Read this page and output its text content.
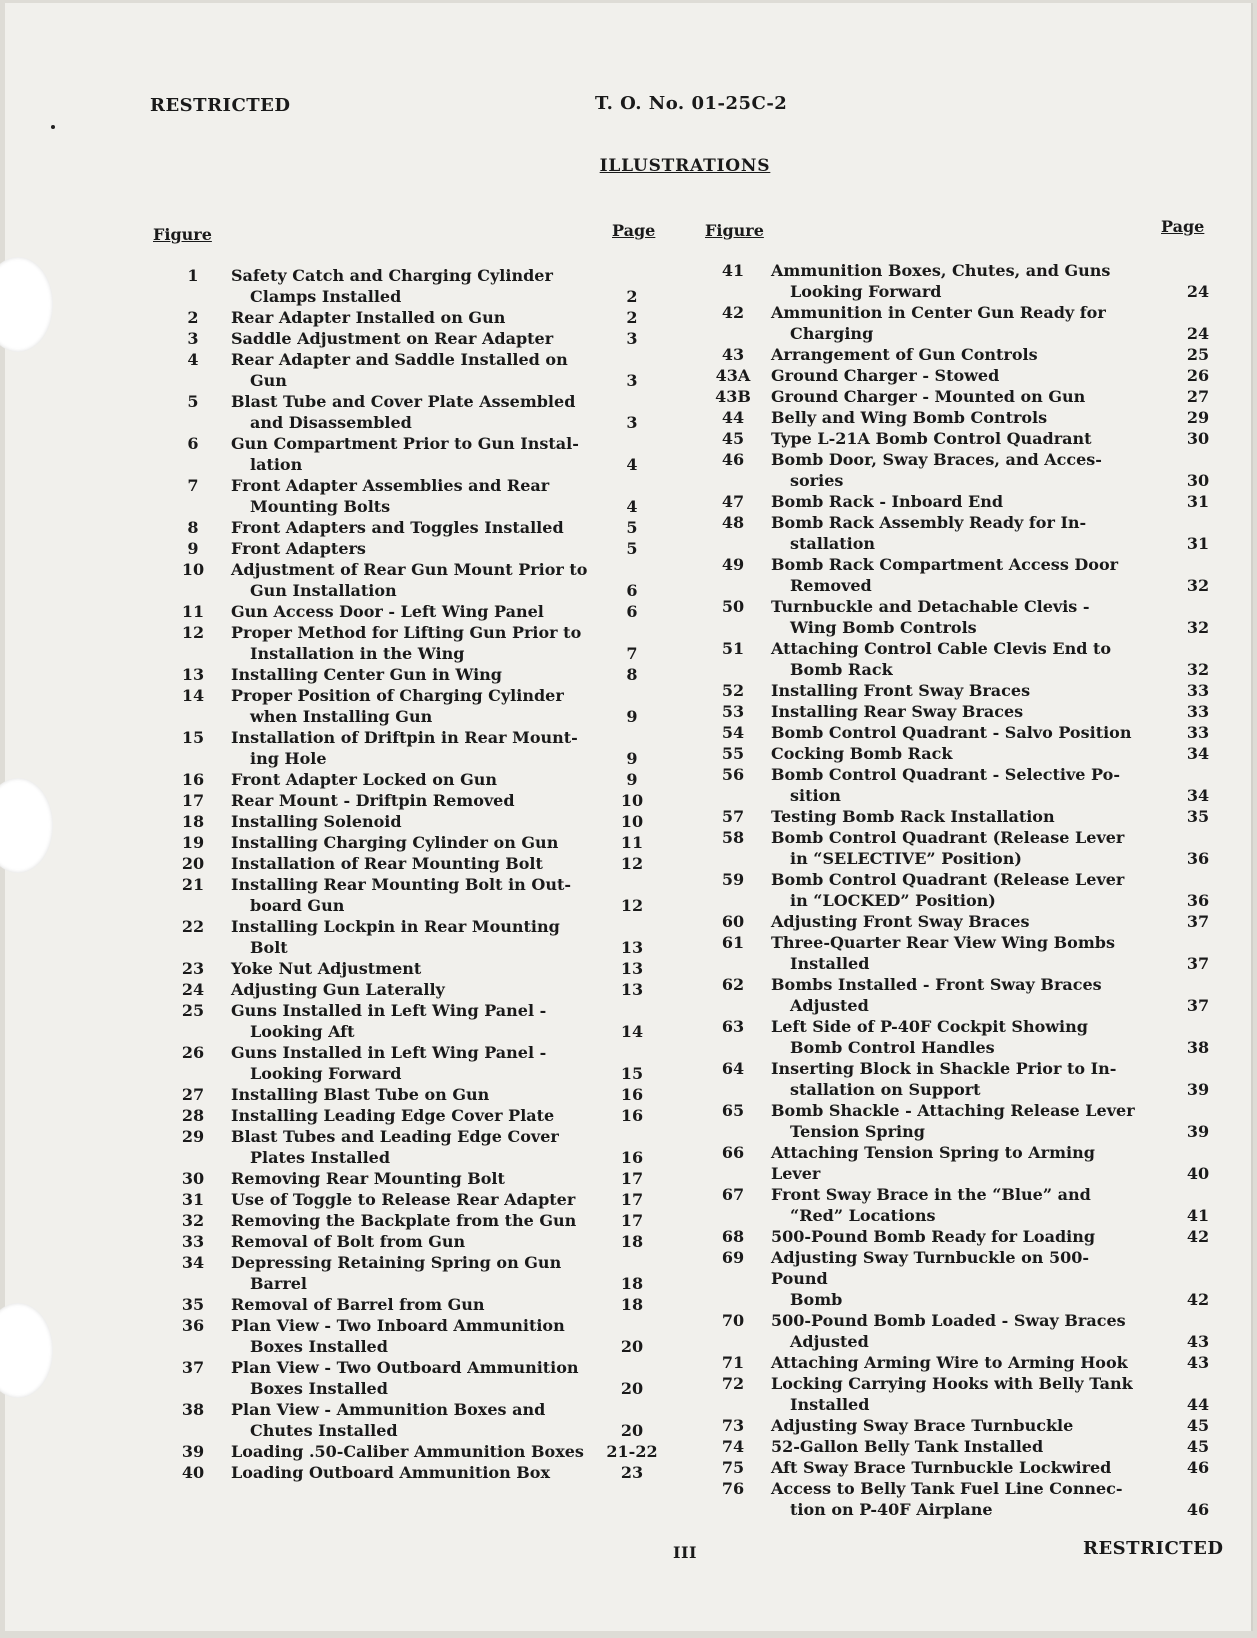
RESTRICTED	T. O. No. 01-25C-2
ILLUSTRATIONS
Figure	Page	Figure	Page
1	Safety Catch and Charging Cylinder
Clamps Installed	2
2	Rear Adapter Installed on Gun	2
3	Saddle Adjustment on Rear Adapter	3
4	Rear Adapter and Saddle Installed on
Gun	3
5	Blast Tube and Cover Plate Assembled
and Disassembled	3
6	Gun Compartment Prior to Gun Instal-
lation	4
7	Front Adapter Assemblies and Rear
Mounting Bolts	4
8	Front Adapters and Toggles Installed	5
9	Front Adapters	5
10	Adjustment of Rear Gun Mount Prior to
Gun Installation	6
11	Gun Access Door - Left Wing Panel	6
12	Proper Method for Lifting Gun Prior to
Installation in the Wing	7
13	Installing Center Gun in Wing	8
14	Proper Position of Charging Cylinder
when Installing Gun	9
15	Installation of Driftpin in Rear Mount-
ing Hole	9
16	Front Adapter Locked on Gun	9
17	Rear Mount - Driftpin Removed	10
18	Installing Solenoid	10
19	Installing Charging Cylinder on Gun	11
20	Installation of Rear Mounting Bolt	12
21	Installing Rear Mounting Bolt in Out-
board Gun	12
22	Installing Lockpin in Rear Mounting
Bolt	13
23	Yoke Nut Adjustment	13
24	Adjusting Gun Laterally	13
25	Guns Installed in Left Wing Panel -
Looking Aft	14
26	Guns Installed in Left Wing Panel -
Looking Forward	15
27	Installing Blast Tube on Gun	16
28	Installing Leading Edge Cover Plate	16
29	Blast Tubes and Leading Edge Cover
Plates Installed	16
30	Removing Rear Mounting Bolt	17
31	Use of Toggle to Release Rear Adapter	17
32	Removing the Backplate from the Gun	17
33	Removal of Bolt from Gun	18
34	Depressing Retaining Spring on Gun
Barrel	18
35	Removal of Barrel from Gun	18
36	Plan View - Two Inboard Ammunition
Boxes Installed	20
37	Plan View - Two Outboard Ammunition
Boxes Installed	20
38	Plan View - Ammunition Boxes and
Chutes Installed	20
39	Loading .50-Caliber Ammunition Boxes	21-22
40	Loading Outboard Ammunition Box	23
41	Ammunition Boxes, Chutes, and Guns
Looking Forward	24
42	Ammunition in Center Gun Ready for
Charging	24
43	Arrangement of Gun Controls	25
43A	Ground Charger - Stowed	26
43B	Ground Charger - Mounted on Gun	27
44	Belly and Wing Bomb Controls	29
45	Type L-21A Bomb Control Quadrant	30
46	Bomb Door, Sway Braces, and Acces-
sories	30
47	Bomb Rack - Inboard End	31
48	Bomb Rack Assembly Ready for In-
stallation	31
49	Bomb Rack Compartment Access Door
Removed	32
50	Turnbuckle and Detachable Clevis -
Wing Bomb Controls	32
51	Attaching Control Cable Clevis End to
Bomb Rack	32
52	Installing Front Sway Braces	33
53	Installing Rear Sway Braces	33
54	Bomb Control Quadrant - Salvo Position	33
55	Cocking Bomb Rack	34
56	Bomb Control Quadrant - Selective Po-
sition	34
57	Testing Bomb Rack Installation	35
58	Bomb Control Quadrant (Release Lever
in “SELECTIVE” Position)	36
59	Bomb Control Quadrant (Release Lever
in “LOCKED” Position)	36
60	Adjusting Front Sway Braces	37
61	Three-Quarter Rear View Wing Bombs
Installed	37
62	Bombs Installed - Front Sway Braces
Adjusted	37
63	Left Side of P-40F Cockpit Showing
Bomb Control Handles	38
64	Inserting Block in Shackle Prior to In-
stallation on Support	39
65	Bomb Shackle - Attaching Release Lever
Tension Spring	39
66	Attaching Tension Spring to Arming Lever	40
67	Front Sway Brace in the “Blue” and
“Red” Locations	41
68	500-Pound Bomb Ready for Loading	42
69	Adjusting Sway Turnbuckle on 500-Pound
Bomb	42
70	500-Pound Bomb Loaded - Sway Braces
Adjusted	43
71	Attaching Arming Wire to Arming Hook	43
72	Locking Carrying Hooks with Belly Tank
Installed	44
73	Adjusting Sway Brace Turnbuckle	45
74	52-Gallon Belly Tank Installed	45
75	Aft Sway Brace Turnbuckle Lockwired	46
76	Access to Belly Tank Fuel Line Connec-
tion on P-40F Airplane	46
III	RESTRICTED
